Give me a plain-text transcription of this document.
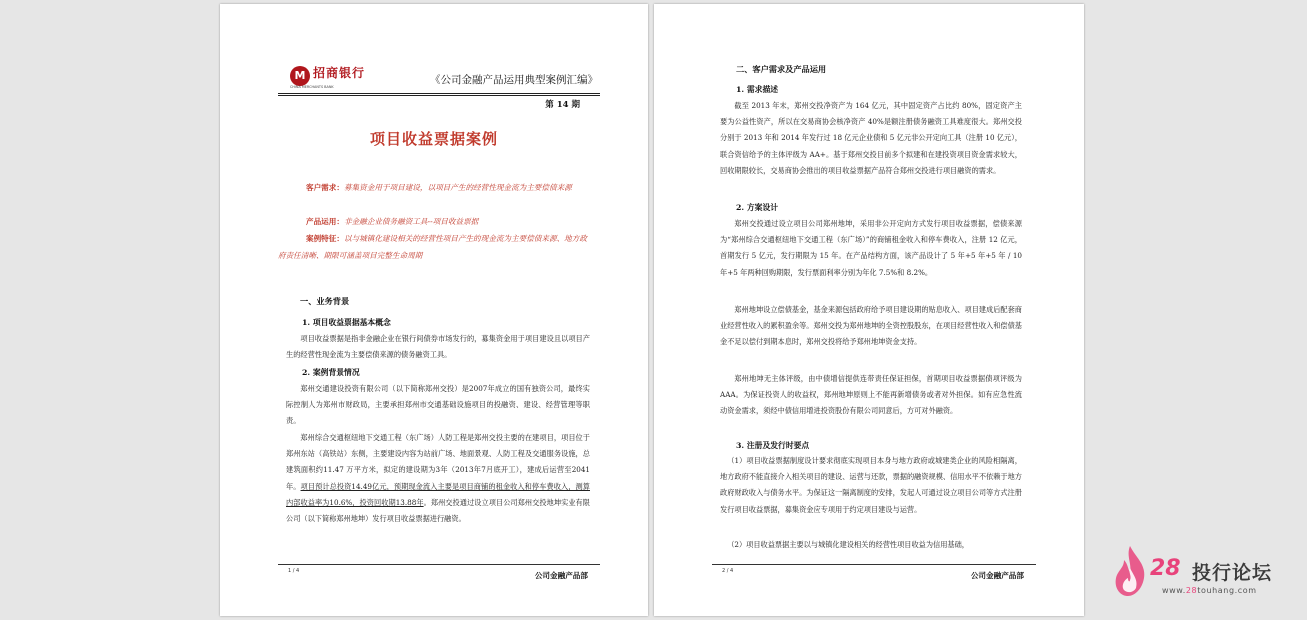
M 招商银行
CHINA MERCHANTS BANK
《公司金融产品运用典型案例汇编》
第 14 期
项目收益票据案例
客户需求：募集资金用于项目建设，以项目产生的经营性现金流为主要偿债来源
产品运用：非金融企业债务融资工具--项目收益票据
案例特征：以与城镇化建设相关的经营性项目产生的现金流为主要偿债来源、地方政府责任清晰、期限可涵盖项目完整生命周期
一、业务背景
1. 项目收益票据基本概念
项目收益票据是指非金融企业在银行间债券市场发行的，募集资金用于项目建设且以项目产生的经营性现金流为主要偿债来源的债务融资工具。
2. 案例背景情况
郑州交通建设投资有限公司（以下简称郑州交投）是2007年成立的国有独资公司，最终实际控制人为郑州市财政局，主要承担郑州市交通基础设施项目的投融资、建设、经营管理等职责。
郑州综合交通枢纽地下交通工程（东广场）人防工程是郑州交投主要的在建项目，项目位于郑州东站（高铁站）东侧，主要建设内容为站前广场、地面景观、人防工程及交通服务设施，总建筑面积约11.47 万平方米，拟定的建设期为3年（2013年7月底开工），建成后运营至2041年。项目预计总投资14.49亿元，预期现金流入主要是项目商铺的租金收入和停车费收入，测算内部收益率为10.6%，投资回收期13.88年。郑州交投通过设立项目公司郑州交投地坤实业有限公司（以下简称郑州地坤）发行项目收益票据进行融资。
1 / 4	公司金融产品部
二、客户需求及产品运用
1. 需求描述
截至 2013 年末，郑州交投净资产为 164 亿元，其中固定资产占比约 80%，固定资产主要为公益性资产，所以在交易商协会核净资产 40%是额注册债务融资工具难度很大。郑州交投分别于 2013 年和 2014 年发行过 18 亿元企业债和 5 亿元非公开定向工具（注册 10 亿元），联合资信给予的主体评级为 AA+。基于郑州交投目前多个拟建和在建投资项目资金需求较大，回收期限较长，交易商协会推出的项目收益票据产品符合郑州交投进行项目融资的需求。
2. 方案设计
郑州交投通过设立项目公司郑州地坤，采用非公开定向方式发行项目收益票据，偿债来源为“郑州综合交通枢纽地下交通工程（东广场）”的商铺租金收入和停车费收入，注册 12 亿元，首期发行 5 亿元，发行期限为 15 年。在产品结构方面，该产品设计了 5 年+5 年+5 年 / 10 年+5 年两种回购期限，发行票面利率分别为年化 7.5%和 8.2%。
郑州地坤设立偿债基金，基金来源包括政府给予项目建设期的贴息收入、项目建成后配套商业经营性收入的累积盈余等。郑州交投为郑州地坤的全资控股股东，在项目经营性收入和偿债基金不足以偿付到期本息时，郑州交投将给予郑州地坤资金支持。
郑州地坤无主体评级，由中债增信提供连带责任保证担保，首期项目收益票据债项评级为 AAA。为保证投资人的收益权，郑州地坤原则上不能再新增债务或者对外担保。如有应急性流动资金需求，须经中债信用增进投资股份有限公司同意后，方可对外融资。
3. 注册及发行时要点
（1）项目收益票据制度设计要求彻底实现项目本身与地方政府或城建类企业的风险相隔离，地方政府不能直接介入相关项目的建设、运营与还款，票据的融资规模、信用水平不依赖于地方政府财政收入与债务水平。为保证这一隔离制度的安排，发起人可通过设立项目公司等方式注册发行项目收益票据，募集资金应专项用于约定项目建设与运营。
（2）项目收益票据主要以与城镇化建设相关的经营性项目收益为信用基础，
2 / 4	公司金融产品部	28 投行论坛
www.28touhang.com
